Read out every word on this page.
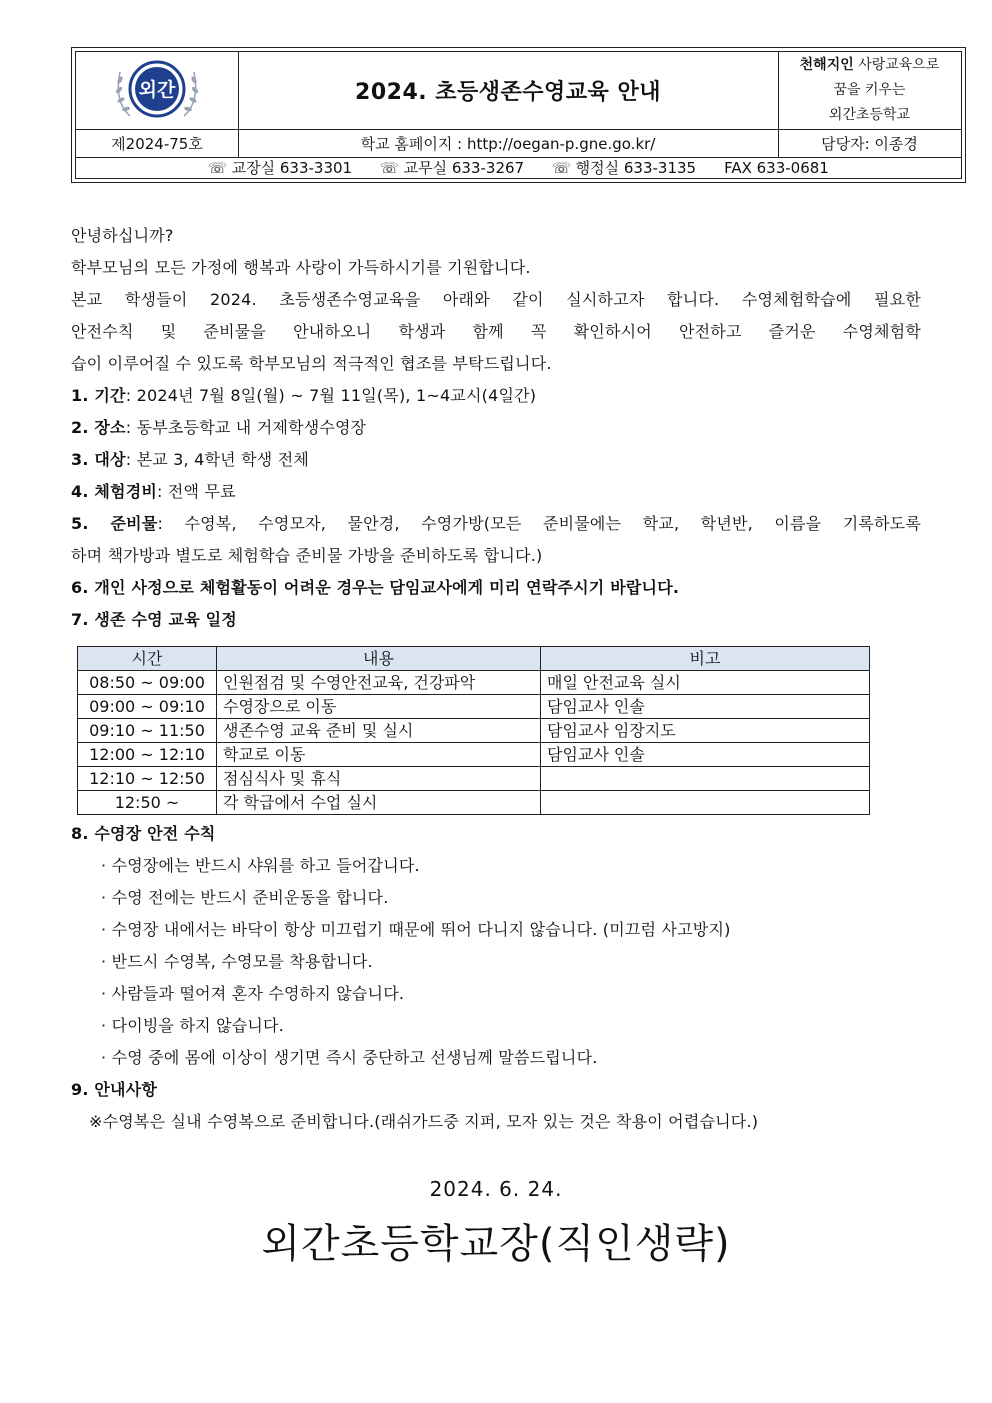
외간	2024. 초등생존수영교육 안내
천해지인 사랑교육으로
꿈을 키우는
외간초등학교
제2024-75호	학교 홈페이지 : http://oegan-p.gne.go.kr/	담당자: 이종경
☏ 교장실 633-3301 ☏ 교무실 633-3267 ☏ 행정실 633-3135 FAX 633-0681
안녕하십니까?
학부모님의 모든 가정에 행복과 사랑이 가득하시기를 기원합니다.
본교 학생들이 2024. 초등생존수영교육을 아래와 같이 실시하고자 합니다. 수영체험학습에 필요한
안전수칙 및 준비물을 안내하오니 학생과 함께 꼭 확인하시어 안전하고 즐거운 수영체험학
습이 이루어질 수 있도록 학부모님의 적극적인 협조를 부탁드립니다.
1. 기간: 2024년 7월 8일(월) ~ 7월 11일(목), 1~4교시(4일간)
2. 장소: 동부초등학교 내 거제학생수영장
3. 대상: 본교 3, 4학년 학생 전체
4. 체험경비: 전액 무료
5. 준비물: 수영복, 수영모자, 물안경, 수영가방(모든 준비물에는 학교, 학년반, 이름을 기록하도록
하며 책가방과 별도로 체험학습 준비물 가방을 준비하도록 합니다.)
6. 개인 사정으로 체험활동이 어려운 경우는 담임교사에게 미리 연락주시기 바랍니다.
7. 생존 수영 교육 일정
시간	내용	비고
08:50 ~ 09:00	인원점검 및 수영안전교육, 건강파악	매일 안전교육 실시
09:00 ~ 09:10	수영장으로 이동	담임교사 인솔
09:10 ~ 11:50	생존수영 교육 준비 및 실시	담임교사 임장지도
12:00 ~ 12:10	학교로 이동	담임교사 인솔
12:10 ~ 12:50	점심식사 및 휴식	
12:50 ~	각 학급에서 수업 실시	
8. 수영장 안전 수칙
· 수영장에는 반드시 샤워를 하고 들어갑니다.
· 수영 전에는 반드시 준비운동을 합니다.
· 수영장 내에서는 바닥이 항상 미끄럽기 때문에 뛰어 다니지 않습니다. (미끄럼 사고방지)
· 반드시 수영복, 수영모를 착용합니다.
· 사람들과 떨어져 혼자 수영하지 않습니다.
· 다이빙을 하지 않습니다.
· 수영 중에 몸에 이상이 생기면 즉시 중단하고 선생님께 말씀드립니다.
9. 안내사항
※수영복은 실내 수영복으로 준비합니다.(래쉬가드중 지퍼, 모자 있는 것은 착용이 어렵습니다.)
2024. 6. 24.
외간초등학교장(직인생략)
